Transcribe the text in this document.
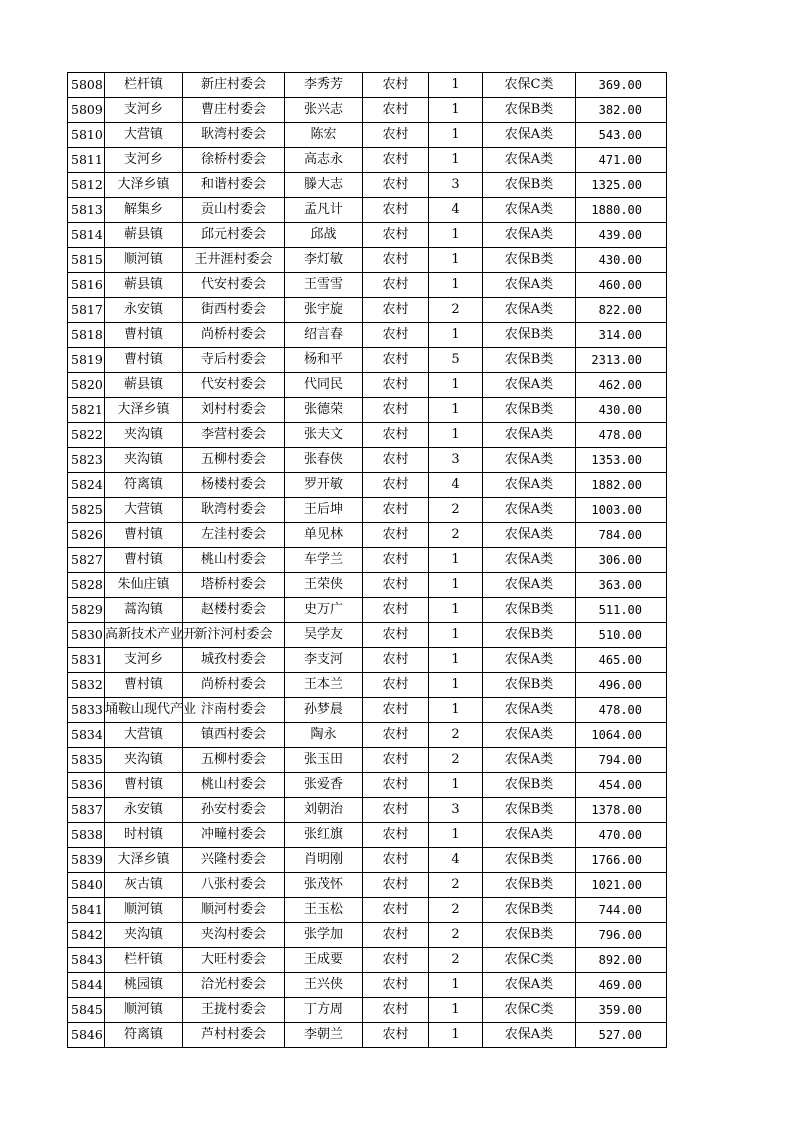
5808	栏杆镇	新庄村委会	李秀芳	农村	1	农保C类	369.00
5809	支河乡	曹庄村委会	张兴志	农村	1	农保B类	382.00
5810	大营镇	耿湾村委会	陈宏	农村	1	农保A类	543.00
5811	支河乡	徐桥村委会	高志永	农村	1	农保A类	471.00
5812	大泽乡镇	和谐村委会	滕大志	农村	3	农保B类	1325.00
5813	解集乡	贡山村委会	孟凡计	农村	4	农保A类	1880.00
5814	蕲县镇	邱元村委会	邱战	农村	1	农保A类	439.00
5815	顺河镇	王井涯村委会	李灯敏	农村	1	农保B类	430.00
5816	蕲县镇	代安村委会	王雪雪	农村	1	农保A类	460.00
5817	永安镇	街西村委会	张宇旋	农村	2	农保A类	822.00
5818	曹村镇	尚桥村委会	绍言春	农村	1	农保B类	314.00
5819	曹村镇	寺后村委会	杨和平	农村	5	农保B类	2313.00
5820	蕲县镇	代安村委会	代同民	农村	1	农保A类	462.00
5821	大泽乡镇	刘村村委会	张德荣	农村	1	农保B类	430.00
5822	夹沟镇	李营村委会	张夫文	农村	1	农保A类	478.00
5823	夹沟镇	五柳村委会	张春侠	农村	3	农保A类	1353.00
5824	符离镇	杨楼村委会	罗开敏	农村	4	农保A类	1882.00
5825	大营镇	耿湾村委会	王后坤	农村	2	农保A类	1003.00
5826	曹村镇	左洼村委会	单见林	农村	2	农保A类	784.00
5827	曹村镇	桃山村委会	车学兰	农村	1	农保A类	306.00
5828	朱仙庄镇	塔桥村委会	王荣侠	农村	1	农保A类	363.00
5829	蒿沟镇	赵楼村委会	史万广	农村	1	农保B类	511.00
5830	高新技术产业开	新汴河村委会	吴学友	农村	1	农保B类	510.00
5831	支河乡	城孜村委会	李支河	农村	1	农保A类	465.00
5832	曹村镇	尚桥村委会	王本兰	农村	1	农保B类	496.00
5833	埇鞍山现代产业	汴南村委会	孙梦晨	农村	1	农保A类	478.00
5834	大营镇	镇西村委会	陶永	农村	2	农保A类	1064.00
5835	夹沟镇	五柳村委会	张玉田	农村	2	农保A类	794.00
5836	曹村镇	桃山村委会	张爱香	农村	1	农保B类	454.00
5837	永安镇	孙安村委会	刘朝治	农村	3	农保B类	1378.00
5838	时村镇	冲疃村委会	张红旗	农村	1	农保A类	470.00
5839	大泽乡镇	兴隆村委会	肖明刚	农村	4	农保B类	1766.00
5840	灰古镇	八张村委会	张茂怀	农村	2	农保B类	1021.00
5841	顺河镇	顺河村委会	王玉松	农村	2	农保B类	744.00
5842	夹沟镇	夹沟村委会	张学加	农村	2	农保B类	796.00
5843	栏杆镇	大旺村委会	王成要	农村	2	农保C类	892.00
5844	桃园镇	洽光村委会	王兴侠	农村	1	农保A类	469.00
5845	顺河镇	王拢村委会	丁方周	农村	1	农保C类	359.00
5846	符离镇	芦村村委会	李朝兰	农村	1	农保A类	527.00
